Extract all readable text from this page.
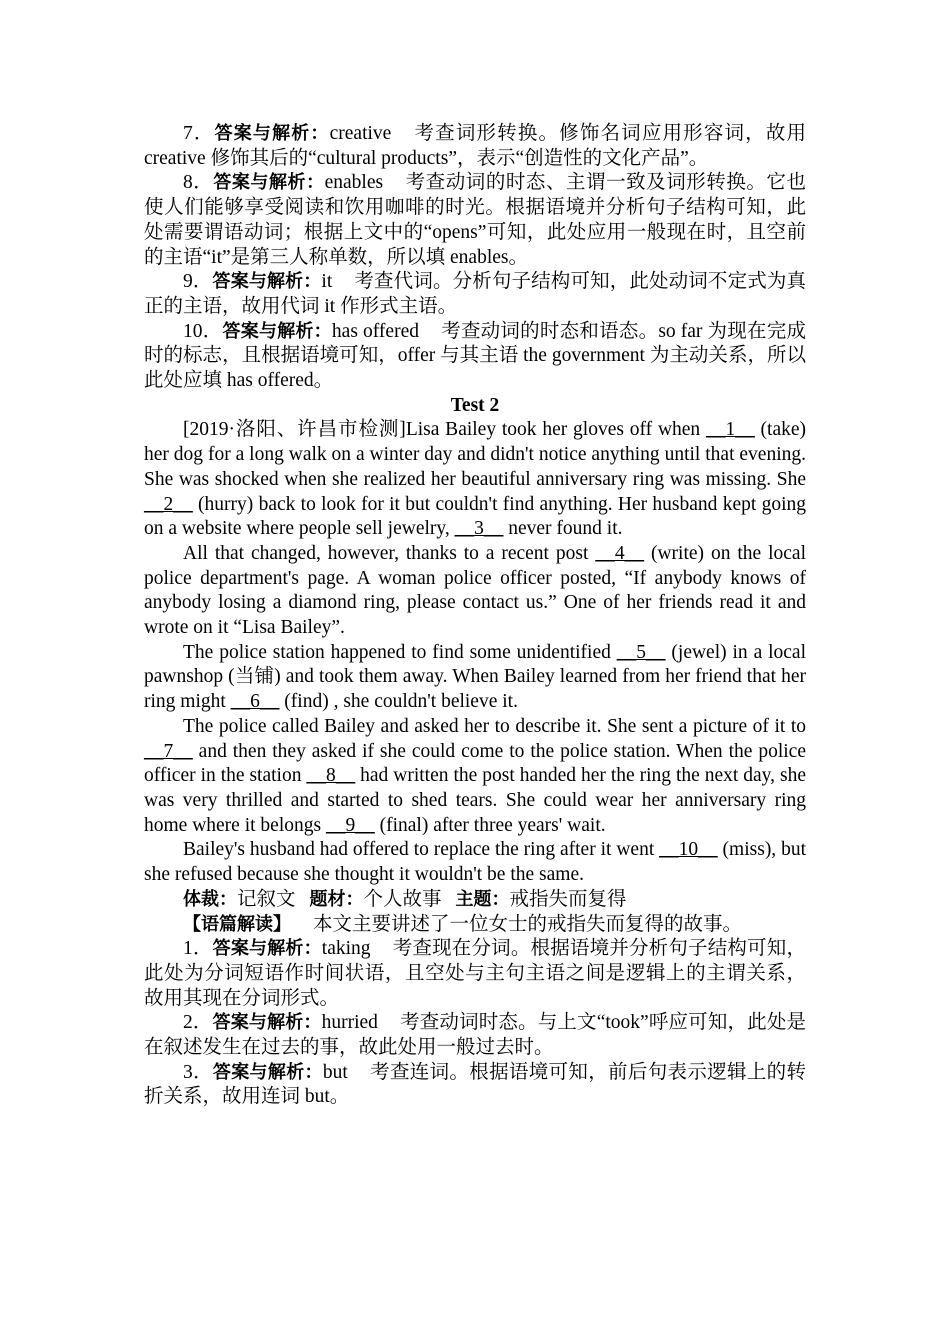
7．答案与解析：creative 考查词形转换。修饰名词应用形容词，故用 creative 修饰其后的“cultural products”，表示“创造性的文化产品”。

8．答案与解析：enables 考查动词的时态、主谓一致及词形转换。它也使人们能够享受阅读和饮用咖啡的时光。根据语境并分析句子结构可知，此处需要谓语动词；根据上文中的“opens”可知，此处应用一般现在时，且空前的主语“it”是第三人称单数，所以填 enables。

9．答案与解析：it 考查代词。分析句子结构可知，此处动词不定式为真正的主语，故用代词 it 作形式主语。

10．答案与解析：has offered 考查动词的时态和语态。so far 为现在完成时的标志，且根据语境可知，offer 与其主语 the government 为主动关系，所以此处应填 has offered。

Test 2

[2019·洛阳、许昌市检测]Lisa Bailey took her gloves off when __1__ (take) her dog for a long walk on a winter day and didn't notice anything until that evening. She was shocked when she realized her beautiful anniversary ring was missing. She __2__ (hurry) back to look for it but couldn't find anything. Her husband kept going on a website where people sell jewelry, __3__ never found it.

All that changed, however, thanks to a recent post __4__ (write) on the local police department's page. A woman police officer posted, “If anybody knows of anybody losing a diamond ring, please contact us.” One of her friends read it and wrote on it “Lisa Bailey”.

The police station happened to find some unidentified __5__ (jewel) in a local pawnshop (当铺) and took them away. When Bailey learned from her friend that her ring might __6__ (find) , she couldn't believe it.

The police called Bailey and asked her to describe it. She sent a picture of it to __7__ and then they asked if she could come to the police station. When the police officer in the station __8__ had written the post handed her the ring the next day, she was very thrilled and started to shed tears. She could wear her anniversary ring home where it belongs __9__ (final) after three years' wait.

Bailey's husband had offered to replace the ring after it went __10__ (miss), but she refused because she thought it wouldn't be the same.

体裁：记叙文 题材：个人故事 主题：戒指失而复得

【语篇解读】 本文主要讲述了一位女士的戒指失而复得的故事。

1．答案与解析：taking 考查现在分词。根据语境并分析句子结构可知，此处为分词短语作时间状语，且空处与主句主语之间是逻辑上的主谓关系，故用其现在分词形式。

2．答案与解析：hurried 考查动词时态。与上文“took”呼应可知，此处是在叙述发生在过去的事，故此处用一般过去时。

3．答案与解析：but 考查连词。根据语境可知，前后句表示逻辑上的转折关系，故用连词 but。
